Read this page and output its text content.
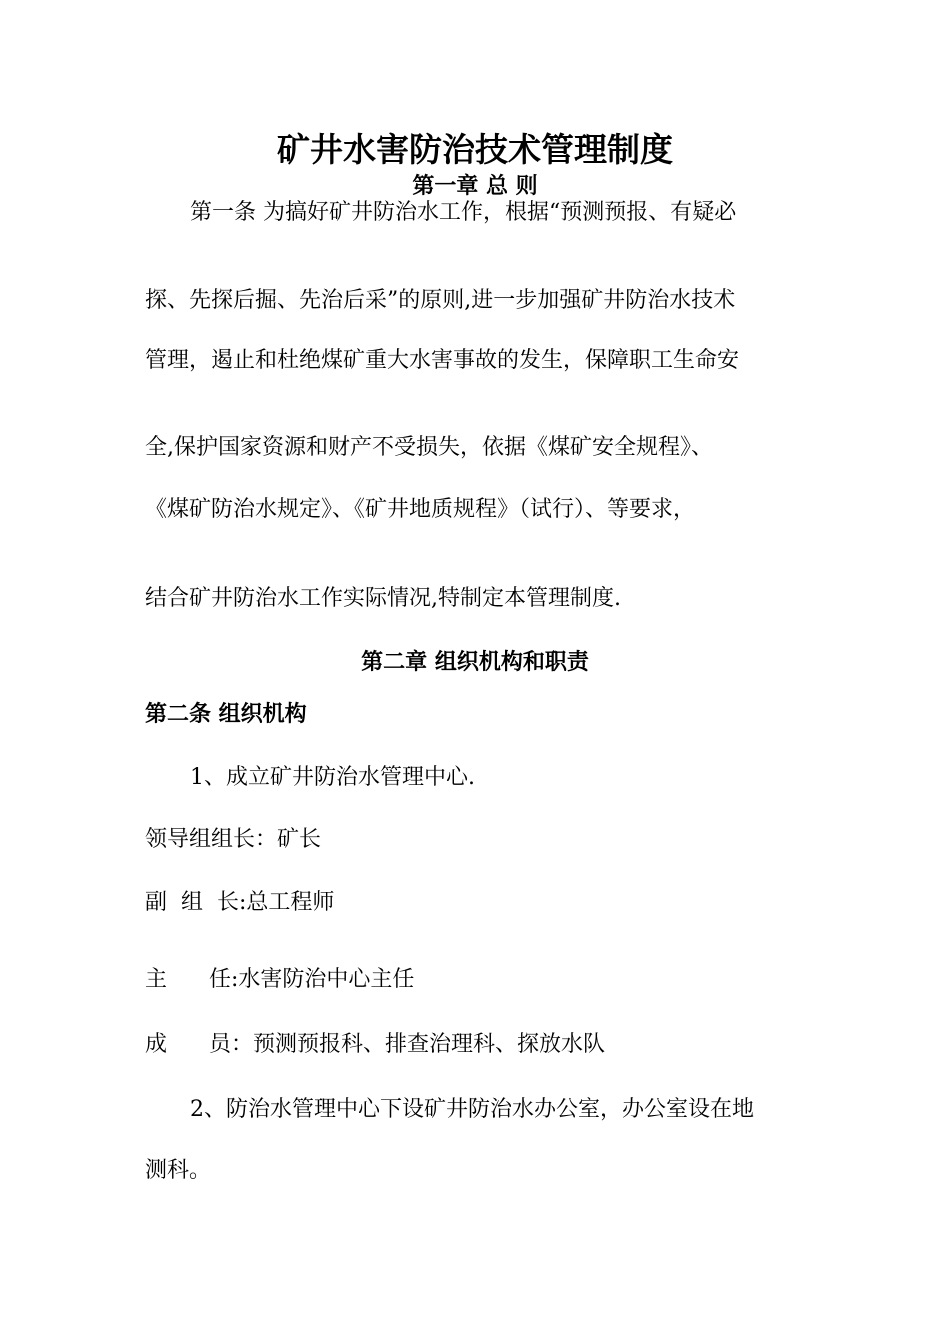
矿井水害防治技术管理制度
第一章 总 则

第一条 为搞好矿井防治水工作，根据“预测预报、有疑必

探、先探后掘、先治后采”的原则,进一步加强矿井防治水技术

管理，遏止和杜绝煤矿重大水害事故的发生，保障职工生命安

全,保护国家资源和财产不受损失，依据《煤矿安全规程》、

《煤矿防治水规定》、《矿井地质规程》（试行）、等要求，

结合矿井防治水工作实际情况,特制定本管理制度.

第二章 组织机构和职责

第二条 组织机构

1、成立矿井防治水管理中心.

领导组组长：矿长

副  组  长:总工程师

主      任:水害防治中心主任

成      员：预测预报科、排查治理科、探放水队

2、防治水管理中心下设矿井防治水办公室，办公室设在地

测科。
